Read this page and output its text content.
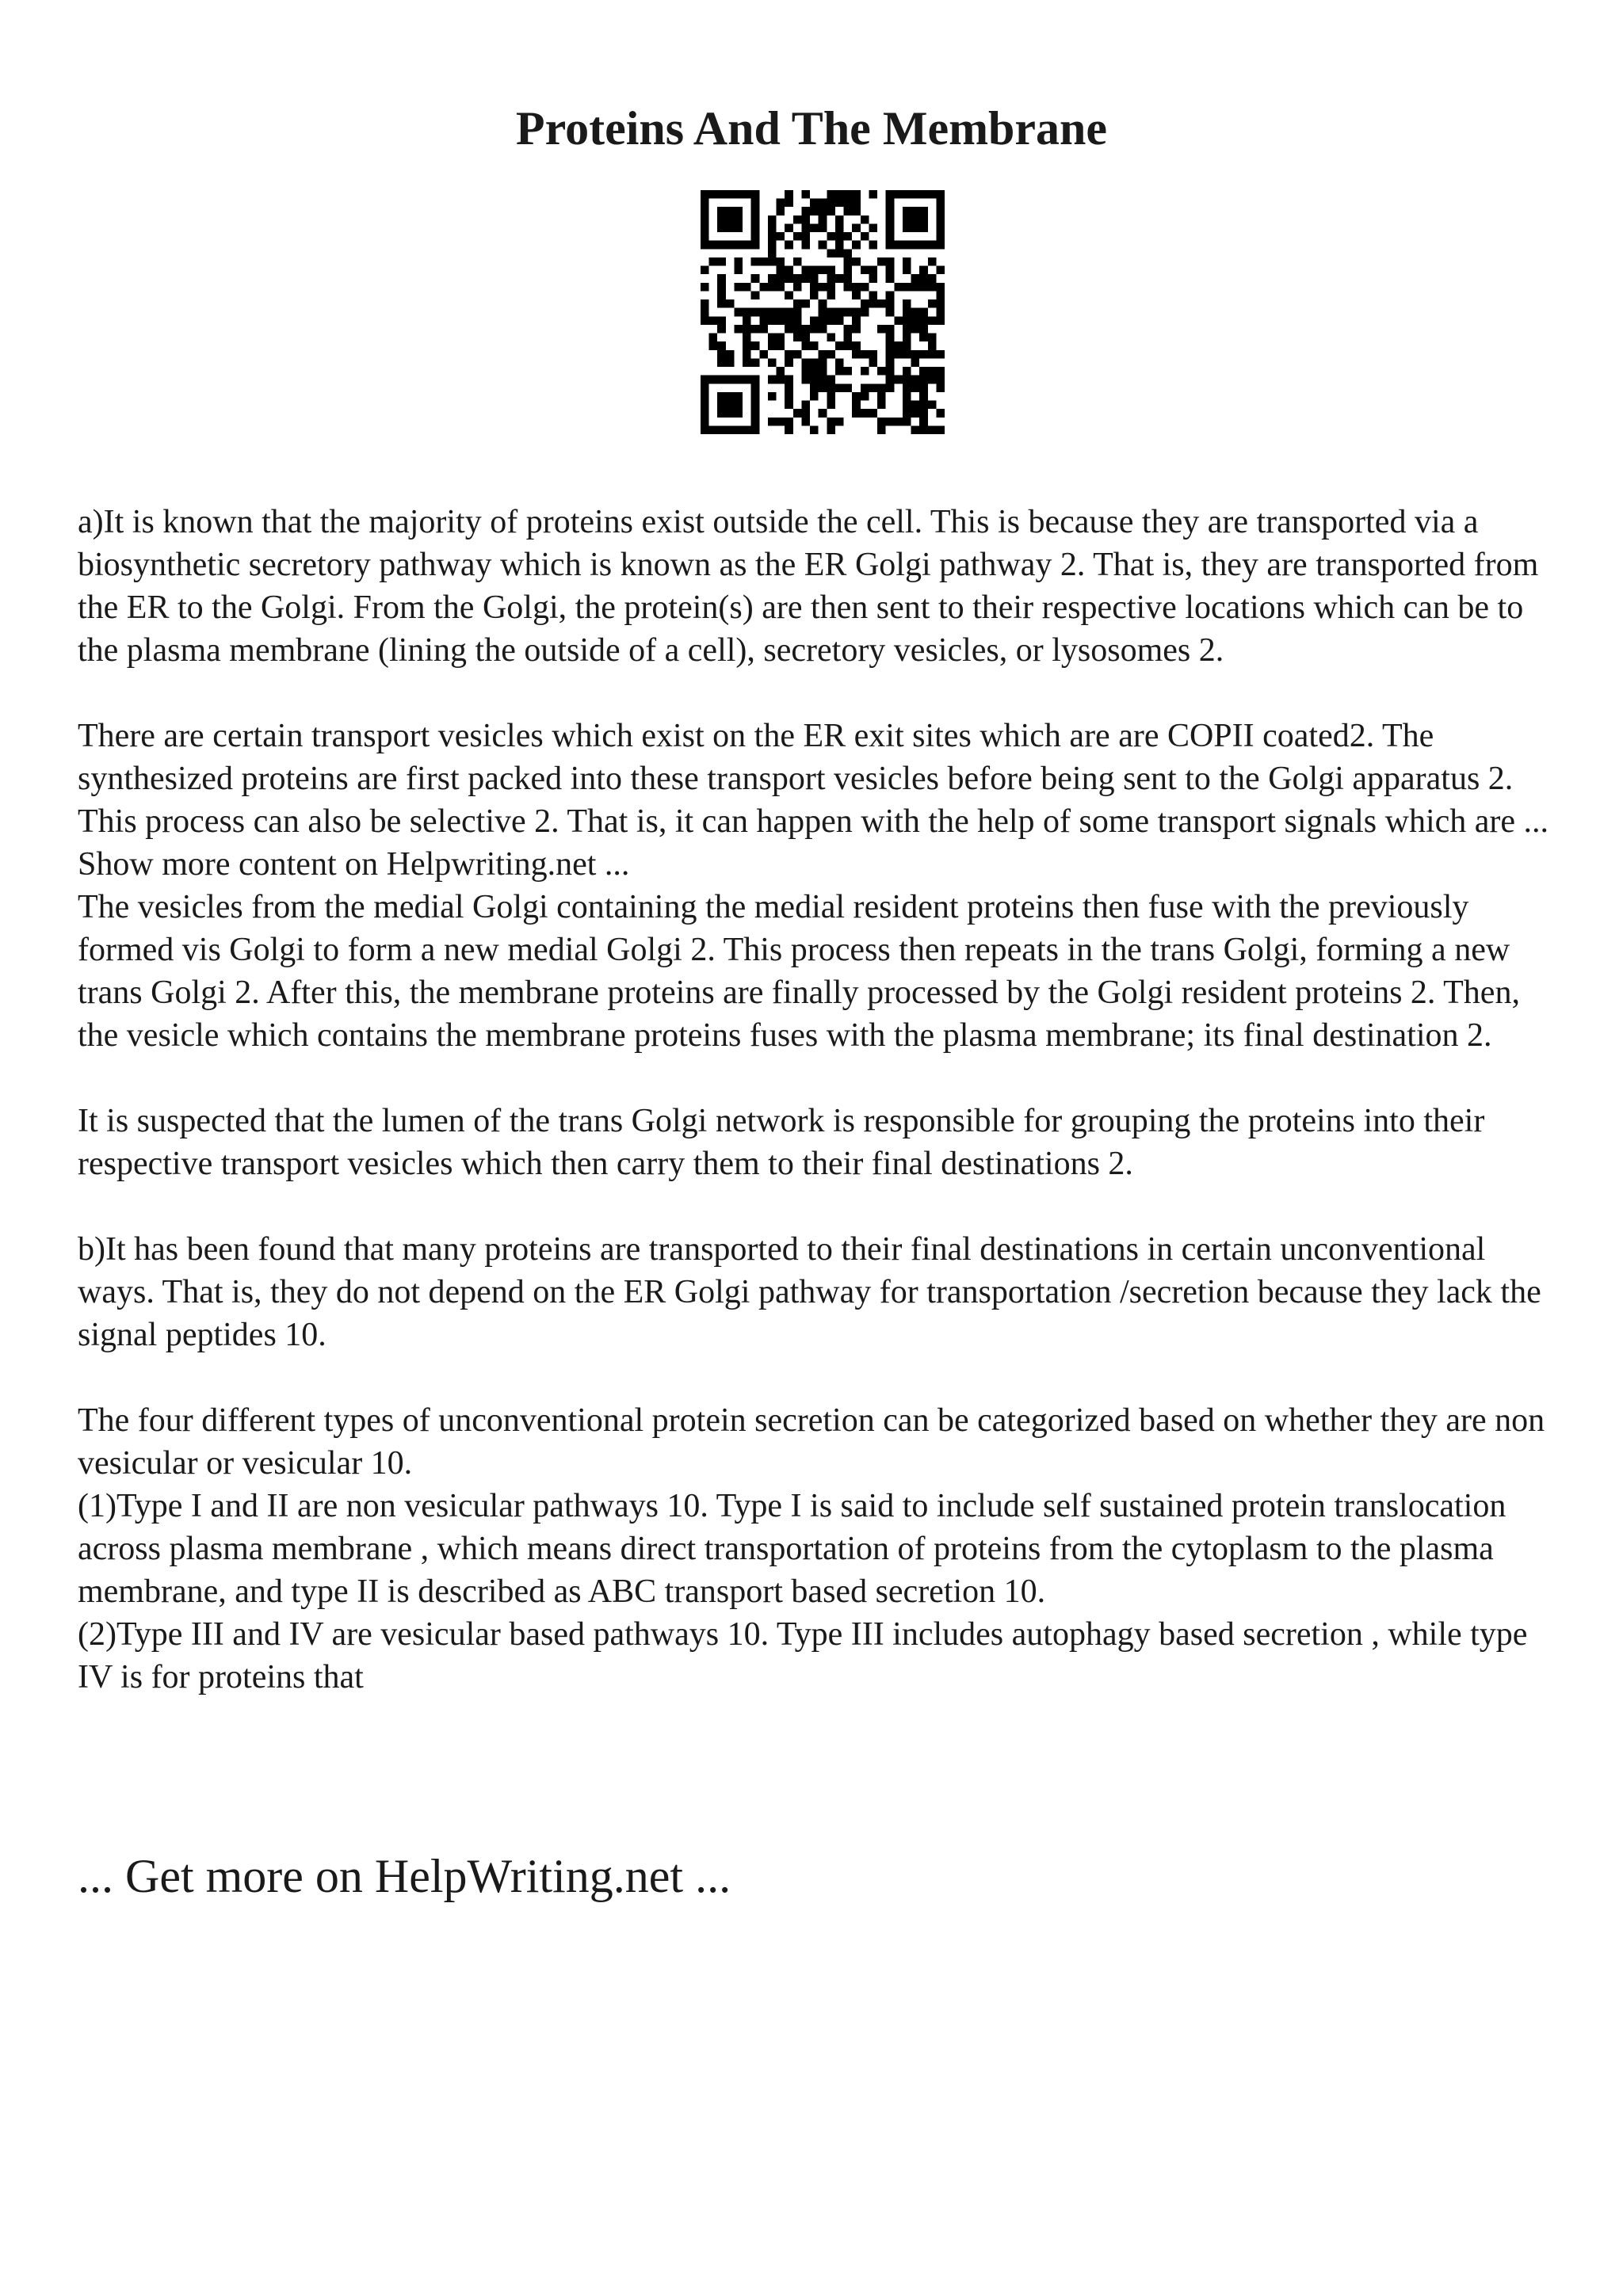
Proteins And The Membrane

a)It is known that the majority of proteins exist outside the cell. This is because they are transported via a biosynthetic secretory pathway which is known as the ER Golgi pathway 2. That is, they are transported from the ER to the Golgi. From the Golgi, the protein(s) are then sent to their respective locations which can be to the plasma membrane (lining the outside of a cell), secretory vesicles, or lysosomes 2.

There are certain transport vesicles which exist on the ER exit sites which are are COPII coated2. The synthesized proteins are first packed into these transport vesicles before being sent to the Golgi apparatus 2. This process can also be selective 2. That is, it can happen with the help of some transport signals which are ... Show more content on Helpwriting.net ...

The vesicles from the medial Golgi containing the medial resident proteins then fuse with the previously formed vis Golgi to form a new medial Golgi 2. This process then repeats in the trans Golgi, forming a new trans Golgi 2. After this, the membrane proteins are finally processed by the Golgi resident proteins 2. Then, the vesicle which contains the membrane proteins fuses with the plasma membrane; its final destination 2.

It is suspected that the lumen of the trans Golgi network is responsible for grouping the proteins into their respective transport vesicles which then carry them to their final destinations 2.

b)It has been found that many proteins are transported to their final destinations in certain unconventional ways. That is, they do not depend on the ER Golgi pathway for transportation /secretion because they lack the signal peptides 10.

The four different types of unconventional protein secretion can be categorized based on whether they are non vesicular or vesicular 10.

(1)Type I and II are non vesicular pathways 10. Type I is said to include self sustained protein translocation across plasma membrane , which means direct transportation of proteins from the cytoplasm to the plasma membrane, and type II is described as ABC transport based secretion 10.

(2)Type III and IV are vesicular based pathways 10. Type III includes autophagy based secretion , while type IV is for proteins that

... Get more on HelpWriting.net ...
